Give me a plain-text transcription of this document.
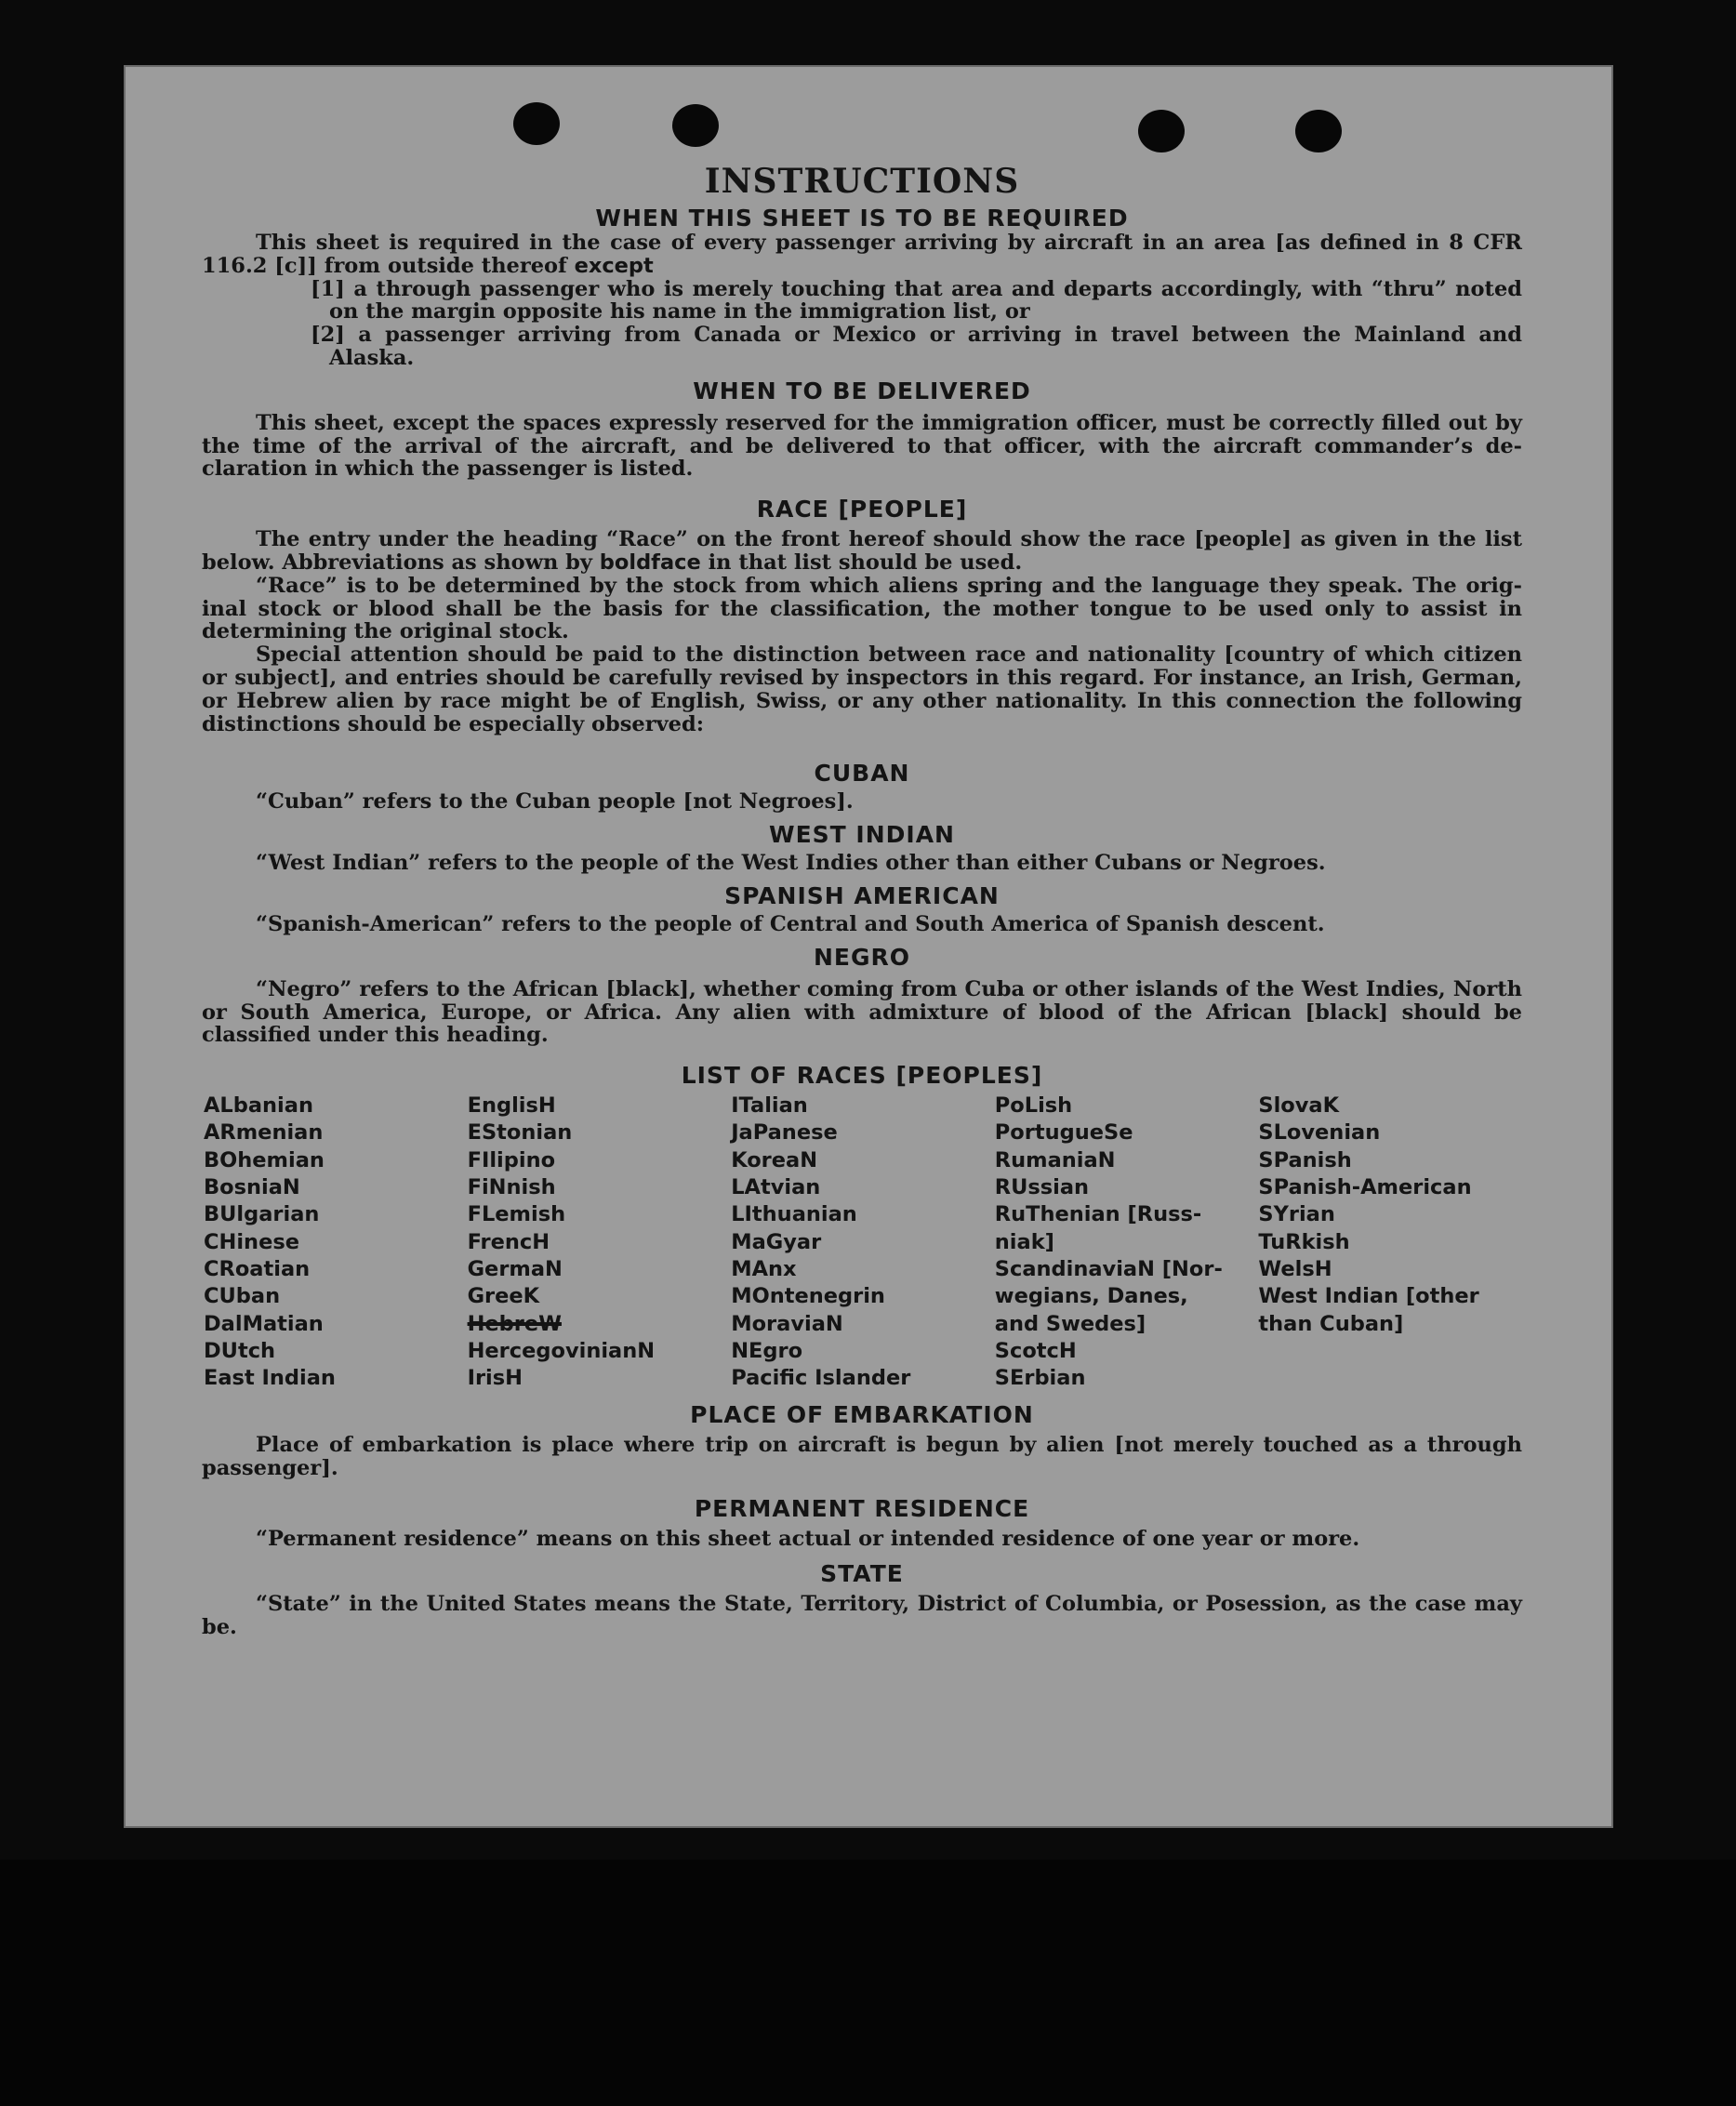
INSTRUCTIONS
WHEN THIS SHEET IS TO BE REQUIRED

This sheet is required in the case of every passenger arriving by aircraft in an area [as defined in 8 CFR 116.2 [c]] from outside thereof except

[1] a through passenger who is merely touching that area and departs accordingly, with “thru” noted on the margin opposite his name in the immigration list, or

[2] a passenger arriving from Canada or Mexico or arriving in travel between the Mainland and Alaska.

WHEN TO BE DELIVERED

This sheet, except the spaces expressly reserved for the immigration officer, must be correctly filled out by the time of the arrival of the aircraft, and be delivered to that officer, with the aircraft commander’s de-claration in which the passenger is listed.

RACE [PEOPLE]

The entry under the heading “Race” on the front hereof should show the race [people] as given in the list below. Abbreviations as shown by boldface in that list should be used.

“Race” is to be determined by the stock from which aliens spring and the language they speak. The orig-inal stock or blood shall be the basis for the classification, the mother tongue to be used only to assist in determining the original stock.

Special attention should be paid to the distinction between race and nationality [country of which citizen or subject], and entries should be carefully revised by inspectors in this regard. For instance, an Irish, German, or Hebrew alien by race might be of English, Swiss, or any other nationality. In this connection the following distinctions should be especially observed:

CUBAN

“Cuban” refers to the Cuban people [not Negroes].

WEST INDIAN

“West Indian” refers to the people of the West Indies other than either Cubans or Negroes.

SPANISH AMERICAN

“Spanish-American” refers to the people of Central and South America of Spanish descent.

NEGRO

“Negro” refers to the African [black], whether coming from Cuba or other islands of the West Indies, North or South America, Europe, or Africa. Any alien with admixture of blood of the African [black] should be classified under this heading.

LIST OF RACES [PEOPLES]
ALbanian
ARmenian
BOhemian
BosniaN
BUlgarian
CHinese
CRoatian
CUban
DalMatian
DUtch
East Indian
EnglisH
EStonian
FIlipino
FiNnish
FLemish
FrencH
GermaN
GreeK
HebreW
HercegovinianN
IrisH
ITalian
JaPanese
KoreaN
LAtvian
LIthuanian
MaGyar
MAnx
MOntenegrin
MoraviaN
NEgro
Pacific Islander
PoLish
PortugueSe
RumaniaN
RUssian
RuThenian [Russ-niak]
ScandinaviaN [Nor-wegians, Danes, and Swedes]
ScotcH
SErbian
SlovaK
SLovenian
SPanish
SPanish-American
SYrian
TuRkish
WelsH
West Indian [other than Cuban]
PLACE OF EMBARKATION

Place of embarkation is place where trip on aircraft is begun by alien [not merely touched as a through passenger].

PERMANENT RESIDENCE

“Permanent residence” means on this sheet actual or intended residence of one year or more.

STATE

“State” in the United States means the State, Territory, District of Columbia, or Posession, as the case may be.
